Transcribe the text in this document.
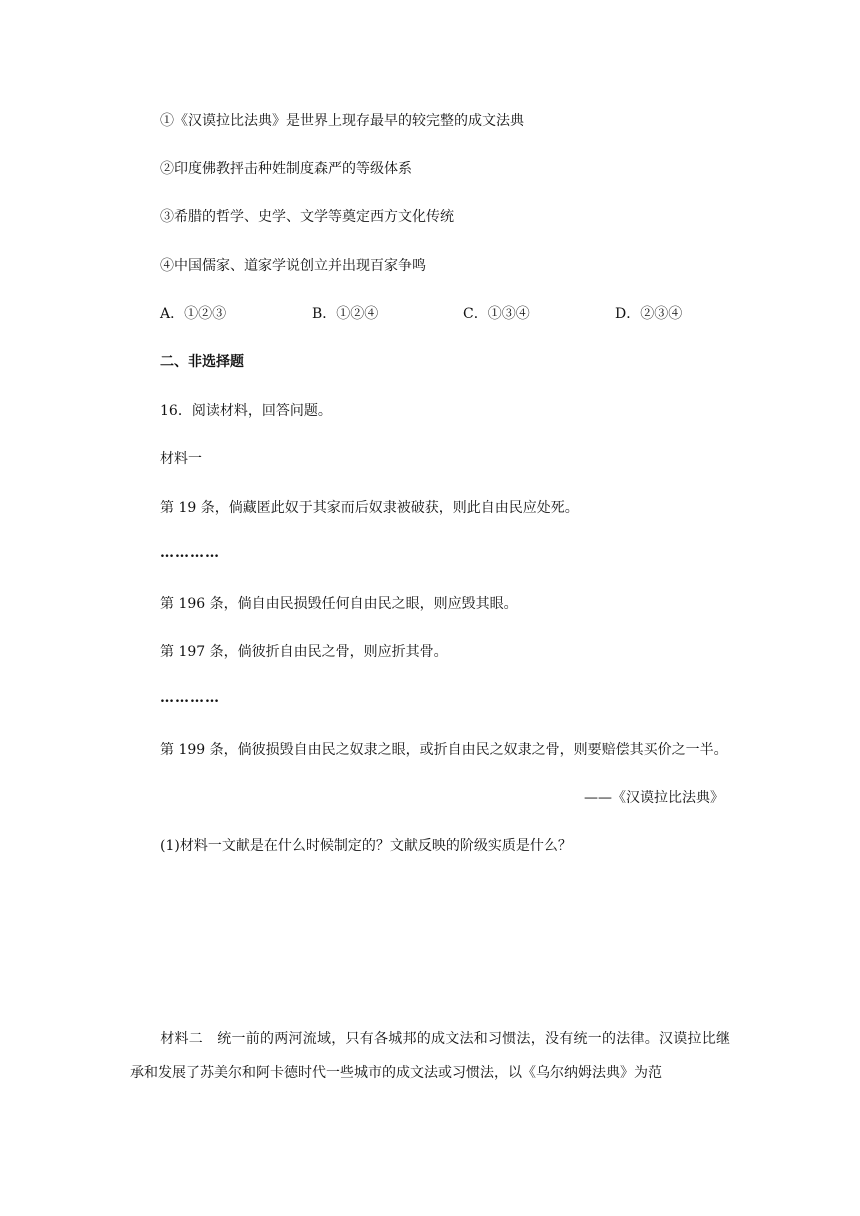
①《汉谟拉比法典》是世界上现存最早的较完整的成文法典
②印度佛教抨击种姓制度森严的等级体系
③希腊的哲学、史学、文学等奠定西方文化传统
④中国儒家、道家学说创立并出现百家争鸣
A．①②③	B．①②④	C．①③④	D．②③④
二、非选择题
16．阅读材料，回答问题。
材料一
第 19 条，倘藏匿此奴于其家而后奴隶被破获，则此自由民应处死。
…………
第 196 条，倘自由民损毁任何自由民之眼，则应毁其眼。
第 197 条，倘彼折自由民之骨，则应折其骨。
…………
第 199 条，倘彼损毁自由民之奴隶之眼，或折自由民之奴隶之骨，则要赔偿其买价之一半。
——《汉谟拉比法典》
(1)材料一文献是在什么时候制定的？文献反映的阶级实质是什么？
材料二　 统一前的两河流域，只有各城邦的成文法和习惯法，没有统一的法律。汉谟拉比继承和发展了苏美尔和阿卡德时代一些城市的成文法或习惯法，以《乌尔纳姆法典》为范
